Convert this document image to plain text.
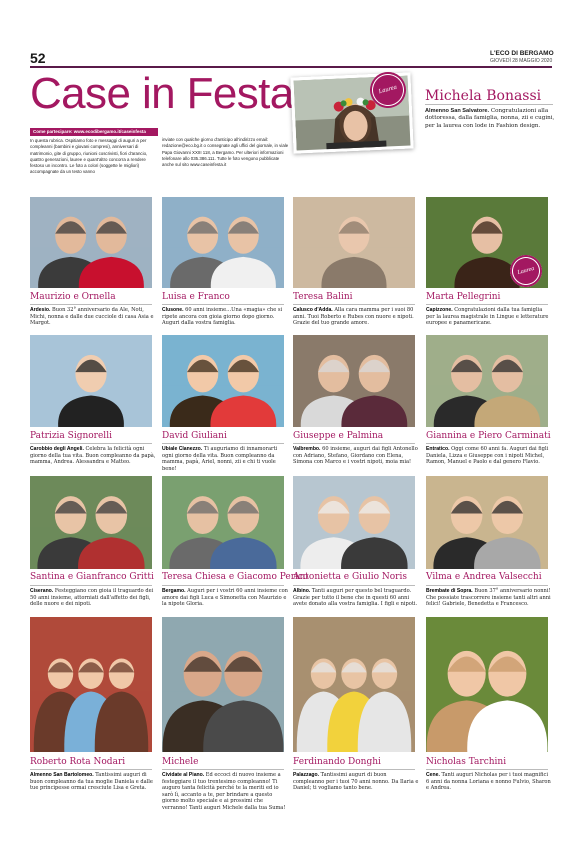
52	L'ECO DI BERGAMO
GIOVEDÌ 28 MAGGIO 2020
Case in Festa
Come partecipare: www.ecodibergamo.it/caseinfesta
In questa rubrica. Ospitiamo foto e messaggi di auguri a per compleanni (bambini e giovani compresi), anniversari di matrimonio, gite di gruppo, riunioni coscrivisti, fiori d'arancio, quattro generazioni, lauree e quant'altro concorra a rendere festoso un incontro. Le foto a colori (soggette le migliori) accompagnate da un testo vanno
inviate con qualche giorno d'anticipo all'indirizzo email: redazione@eco.bg.it o consegnate agli uffici del giornale, in viale Papa Giovanni XXIII 118, a Bergamo. Per ulteriori informazioni telefonare allo 035.386.111. Tutte le foto vengono pubblicate anche sul sito www.caseinfesta.it
Laurea	Michela Bonassi
Almenno San Salvatore. Congratulazioni alla dottoressa, dalla famiglia, nonna, zii e cugini, per la laurea con lode in Fashion design.
Maurizio e Ornella
Ardesio. Buon 32° anniversario da Ale, Noti, Michi, nonna e dalle due cucciole di casa Asia e Margot.
Luisa e Franco
Clusone. 60 anni insieme…Una «magia» che si ripete ancora con gioia giorno dopo giorno. Auguri dalla vostra famiglia.
Teresa Balini
Calusco d'Adda. Alla cara mamma per i suoi 80 anni. Tuoi Roberto e Rubes con nuore e nipoti. Grazie del tuo grande amore.
Marta Pellegrini
Capizzone. Congratulazioni dalla tua famiglia per la laurea magistrale in Lingue e letterature europee e panamericane.
Laurea
Patrizia Signorelli
Carobbio degli Angeli. Celebra la felicità ogni giorno della tua vita. Buon compleanno da papà, mamma, Andrea. Alessandra e Matteo.
David Giuliani
Ubiale Clanezzo. Ti auguriamo di innamorarti ogni giorno della vita. Buon compleanno da mamma, papà, Ariel, nonni, zii e chi ti vuole bene!
Giuseppe e Palmina
Valbrembo. 60 insieme, auguri dai figli Antonello con Adriano, Stefano, Giordano con Elena, Simona con Marco e i vostri nipoti, moia mia!
Giannina e Piero Carminati
Entratico. Oggi come 60 anni fa. Auguri dai figli Daniela, Lizza e Giuseppe con i nipoti Michel, Ramon, Manuel e Paolo e dal genero Flavio.
Santina e Gianfranco Gritti
Ciserano. Festeggiano con gioia il traguardo dei 50 anni insieme, attorniati dall'affetto dei figli, delle nuore e dei nipoti.
Teresa Chiesa e Giacomo Perico
Bergamo. Auguri per i vostri 60 anni insieme con amore dai figli Luca e Simonetta con Maurizio e la nipote Gloria.
Antonietta e Giulio Noris
Albino. Tanti auguri per questo bel traguardo. Grazie per tutto il bene che in questi 60 anni avete donato alla vostra famiglia. I figli e nipoti.
Vilma e Andrea Valsecchi
Brembate di Sopra. Buon 37° anniversario nonni! Che possiate trascorrere insieme tanti altri anni felici! Gabriele, Benedetta e Francesco.
Roberto Rota Nodari
Almenno San Bartolomeo. Tantissimi auguri di buon compleanno da tua moglie Daniela e dalle tue principesse ormai cresciute Lisa e Greta.
Michele
Cividate al Piano. Ed eccoci di nuovo insieme a festeggiare il tuo trentesimo compleanno! Ti auguro tanta felicità perché te la meriti ed io sarò lì, accanto a te, per brindare a questo giorno molto speciale e ai prossimi che verranno! Tanti auguri Michele dalla tua Suma!
Ferdinando Donghi
Palazzago. Tantissimi auguri di buon compleanno per i tuoi 70 anni nonno. Da Ilaria e Daniel; ti vogliamo tanto bene.
Nicholas Tarchini
Cene. Tanti auguri Nicholas per i tuoi magnifici 6 anni da nonna Loriana e nonno Fulvio, Sharon e Andrea.
